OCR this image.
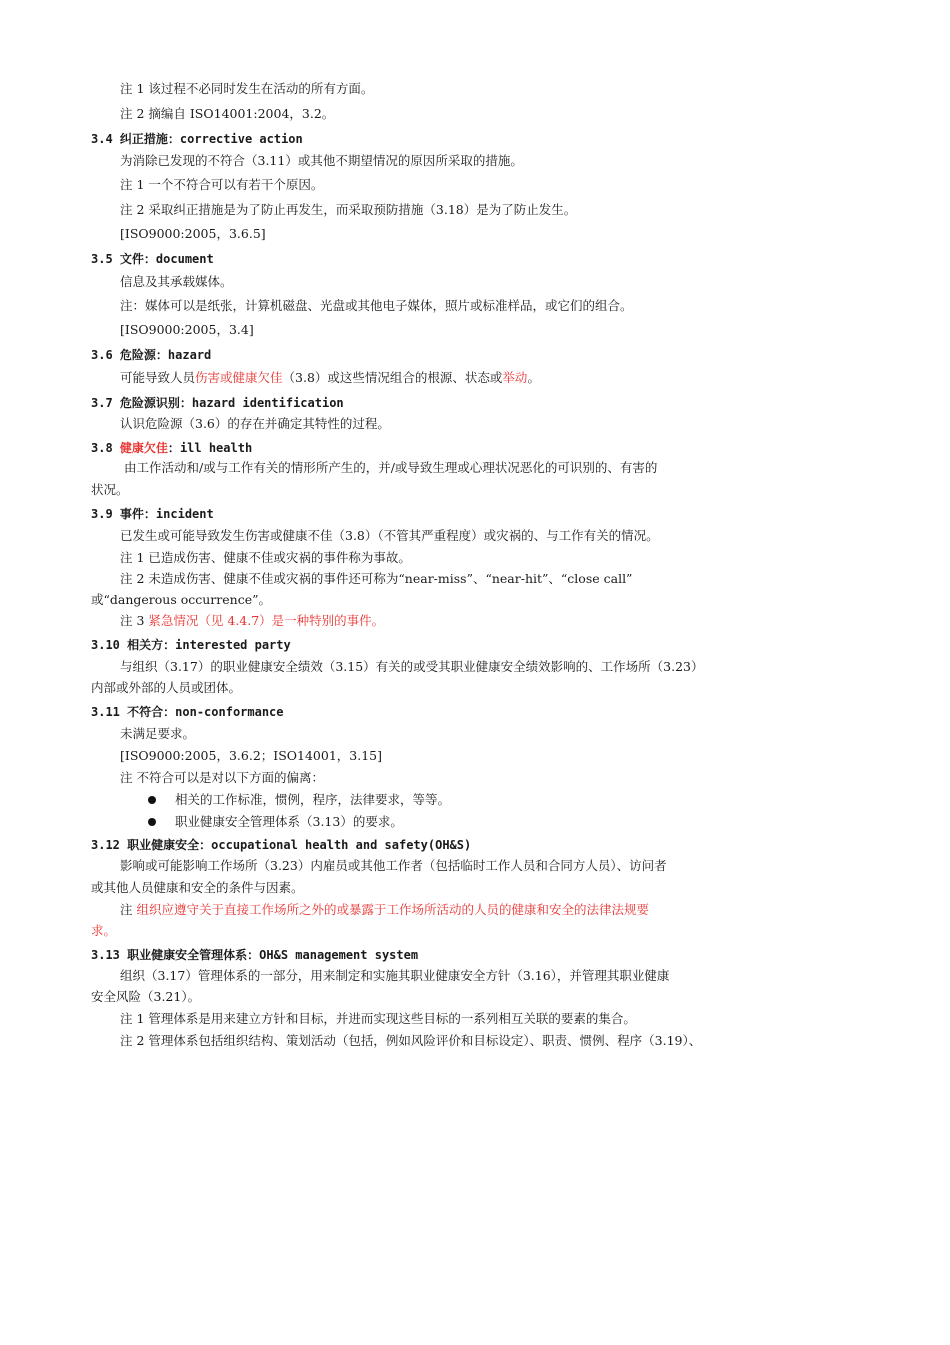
注 1 该过程不必同时发生在活动的所有方面。
注 2 摘编自 ISO14001:2004，3.2。
3.4 纠正措施：corrective action
为消除已发现的不符合（3.11）或其他不期望情况的原因所采取的措施。
注 1 一个不符合可以有若干个原因。
注 2 采取纠正措施是为了防止再发生，而采取预防措施（3.18）是为了防止发生。
[ISO9000:2005，3.6.5]
3.5 文件：document
信息及其承载媒体。
注：媒体可以是纸张，计算机磁盘、光盘或其他电子媒体，照片或标准样品，或它们的组合。
[ISO9000:2005，3.4]
3.6 危险源：hazard
可能导致人员伤害或健康欠佳（3.8）或这些情况组合的根源、状态或举动。
3.7 危险源识别：hazard identification
认识危险源（3.6）的存在并确定其特性的过程。
3.8 健康欠佳：ill health
由工作活动和/或与工作有关的情形所产生的，并/或导致生理或心理状况恶化的可识别的、有害的
状况。
3.9 事件：incident
已发生或可能导致发生伤害或健康不佳（3.8）（不管其严重程度）或灾祸的、与工作有关的情况。
注 1 已造成伤害、健康不佳或灾祸的事件称为事故。
注 2 未造成伤害、健康不佳或灾祸的事件还可称为“near-miss”、“near-hit”、“close call”
或“dangerous occurrence”。
注 3 紧急情况（见 4.4.7）是一种特别的事件。
3.10 相关方：interested party
与组织（3.17）的职业健康安全绩效（3.15）有关的或受其职业健康安全绩效影响的、工作场所（3.23）
内部或外部的人员或团体。
3.11 不符合：non-conformance
未满足要求。
[ISO9000:2005，3.6.2；ISO14001，3.15]
注 不符合可以是对以下方面的偏离：
相关的工作标准，惯例，程序，法律要求，等等。
职业健康安全管理体系（3.13）的要求。
3.12 职业健康安全：occupational health and safety(OH&S)
影响或可能影响工作场所（3.23）内雇员或其他工作者（包括临时工作人员和合同方人员）、访问者
或其他人员健康和安全的条件与因素。
注 组织应遵守关于直接工作场所之外的或暴露于工作场所活动的人员的健康和安全的法律法规要
求。
3.13 职业健康安全管理体系：OH&S management system
组织（3.17）管理体系的一部分，用来制定和实施其职业健康安全方针（3.16），并管理其职业健康
安全风险（3.21）。
注 1 管理体系是用来建立方针和目标，并进而实现这些目标的一系列相互关联的要素的集合。
注 2 管理体系包括组织结构、策划活动（包括，例如风险评价和目标设定）、职责、惯例、程序（3.19）、
